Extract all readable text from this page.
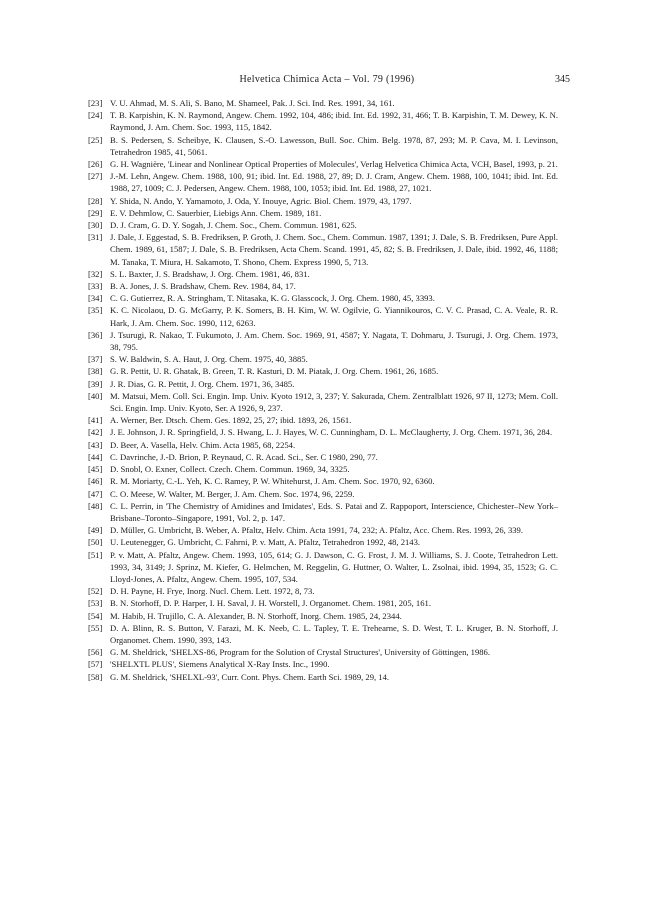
Helvetica Chimica Acta – Vol. 79 (1996)	345
[23] V. U. Ahmad, M. S. Ali, S. Bano, M. Shameel, Pak. J. Sci. Ind. Res. 1991, 34, 161.
[24] T. B. Karpishin, K. N. Raymond, Angew. Chem. 1992, 104, 486; ibid. Int. Ed. 1992, 31, 466; T. B. Karpishin, T. M. Dewey, K. N. Raymond, J. Am. Chem. Soc. 1993, 115, 1842.
[25] B. S. Pedersen, S. Scheibye, K. Clausen, S.-O. Lawesson, Bull. Soc. Chim. Belg. 1978, 87, 293; M. P. Cava, M. I. Levinson, Tetrahedron 1985, 41, 5061.
[26] G. H. Wagnière, 'Linear and Nonlinear Optical Properties of Molecules', Verlag Helvetica Chimica Acta, VCH, Basel, 1993, p. 21.
[27] J.-M. Lehn, Angew. Chem. 1988, 100, 91; ibid. Int. Ed. 1988, 27, 89; D. J. Cram, Angew. Chem. 1988, 100, 1041; ibid. Int. Ed. 1988, 27, 1009; C. J. Pedersen, Angew. Chem. 1988, 100, 1053; ibid. Int. Ed. 1988, 27, 1021.
[28] Y. Shida, N. Ando, Y. Yamamoto, J. Oda, Y. Inouye, Agric. Biol. Chem. 1979, 43, 1797.
[29] E. V. Dehmlow, C. Sauerbier, Liebigs Ann. Chem. 1989, 181.
[30] D. J. Cram, G. D. Y. Sogah, J. Chem. Soc., Chem. Commun. 1981, 625.
[31] J. Dale, J. Eggestad, S. B. Fredriksen, P. Groth, J. Chem. Soc., Chem. Commun. 1987, 1391; J. Dale, S. B. Fredriksen, Pure Appl. Chem. 1989, 61, 1587; J. Dale, S. B. Fredriksen, Acta Chem. Scand. 1991, 45, 82; S. B. Fredriksen, J. Dale, ibid. 1992, 46, 1188; M. Tanaka, T. Miura, H. Sakamoto, T. Shono, Chem. Express 1990, 5, 713.
[32] S. L. Baxter, J. S. Bradshaw, J. Org. Chem. 1981, 46, 831.
[33] B. A. Jones, J. S. Bradshaw, Chem. Rev. 1984, 84, 17.
[34] C. G. Gutierrez, R. A. Stringham, T. Nitasaka, K. G. Glasscock, J. Org. Chem. 1980, 45, 3393.
[35] K. C. Nicolaou, D. G. McGarry, P. K. Somers, B. H. Kim, W. W. Ogilvie, G. Yiannikouros, C. V. C. Prasad, C. A. Veale, R. R. Hark, J. Am. Chem. Soc. 1990, 112, 6263.
[36] J. Tsurugi, R. Nakao, T. Fukumoto, J. Am. Chem. Soc. 1969, 91, 4587; Y. Nagata, T. Dohmaru, J. Tsurugi, J. Org. Chem. 1973, 38, 795.
[37] S. W. Baldwin, S. A. Haut, J. Org. Chem. 1975, 40, 3885.
[38] G. R. Pettit, U. R. Ghatak, B. Green, T. R. Kasturi, D. M. Piatak, J. Org. Chem. 1961, 26, 1685.
[39] J. R. Dias, G. R. Pettit, J. Org. Chem. 1971, 36, 3485.
[40] M. Matsui, Mem. Coll. Sci. Engin. Imp. Univ. Kyoto 1912, 3, 237; Y. Sakurada, Chem. Zentralblatt 1926, 97 II, 1273; Mem. Coll. Sci. Engin. Imp. Univ. Kyoto, Ser. A 1926, 9, 237.
[41] A. Werner, Ber. Dtsch. Chem. Ges. 1892, 25, 27; ibid. 1893, 26, 1561.
[42] J. E. Johnson, J. R. Springfield, J. S. Hwang, L. J. Hayes, W. C. Cunningham, D. L. McClaugherty, J. Org. Chem. 1971, 36, 284.
[43] D. Beer, A. Vasella, Helv. Chim. Acta 1985, 68, 2254.
[44] C. Davrinche, J.-D. Brion, P. Reynaud, C. R. Acad. Sci., Ser. C 1980, 290, 77.
[45] D. Snobl, O. Exner, Collect. Czech. Chem. Commun. 1969, 34, 3325.
[46] R. M. Moriarty, C.-L. Yeh, K. C. Ramey, P. W. Whitehurst, J. Am. Chem. Soc. 1970, 92, 6360.
[47] C. O. Meese, W. Walter, M. Berger, J. Am. Chem. Soc. 1974, 96, 2259.
[48] C. L. Perrin, in 'The Chemistry of Amidines and Imidates', Eds. S. Patai and Z. Rappoport, Interscience, Chichester–New York–Brisbane–Toronto–Singapore, 1991, Vol. 2, p. 147.
[49] D. Müller, G. Umbricht, B. Weber, A. Pfaltz, Helv. Chim. Acta 1991, 74, 232; A. Pfaltz, Acc. Chem. Res. 1993, 26, 339.
[50] U. Leutenegger, G. Umbricht, C. Fahrni, P. v. Matt, A. Pfaltz, Tetrahedron 1992, 48, 2143.
[51] P. v. Matt, A. Pfaltz, Angew. Chem. 1993, 105, 614; G. J. Dawson, C. G. Frost, J. M. J. Williams, S. J. Coote, Tetrahedron Lett. 1993, 34, 3149; J. Sprinz, M. Kiefer, G. Helmchen, M. Reggelin, G. Huttner, O. Walter, L. Zsolnai, ibid. 1994, 35, 1523; G. C. Lloyd-Jones, A. Pfaltz, Angew. Chem. 1995, 107, 534.
[52] D. H. Payne, H. Frye, Inorg. Nucl. Chem. Lett. 1972, 8, 73.
[53] B. N. Storhoff, D. P. Harper, I. H. Saval, J. H. Worstell, J. Organomet. Chem. 1981, 205, 161.
[54] M. Habib, H. Trujillo, C. A. Alexander, B. N. Storhoff, Inorg. Chem. 1985, 24, 2344.
[55] D. A. Blinn, R. S. Button, V. Farazi, M. K. Neeb, C. L. Tapley, T. E. Trehearne, S. D. West, T. L. Kruger, B. N. Storhoff, J. Organomet. Chem. 1990, 393, 143.
[56] G. M. Sheldrick, 'SHELXS-86, Program for the Solution of Crystal Structures', University of Göttingen, 1986.
[57] 'SHELXTL PLUS', Siemens Analytical X-Ray Insts. Inc., 1990.
[58] G. M. Sheldrick, 'SHELXL-93', Curr. Cont. Phys. Chem. Earth Sci. 1989, 29, 14.
